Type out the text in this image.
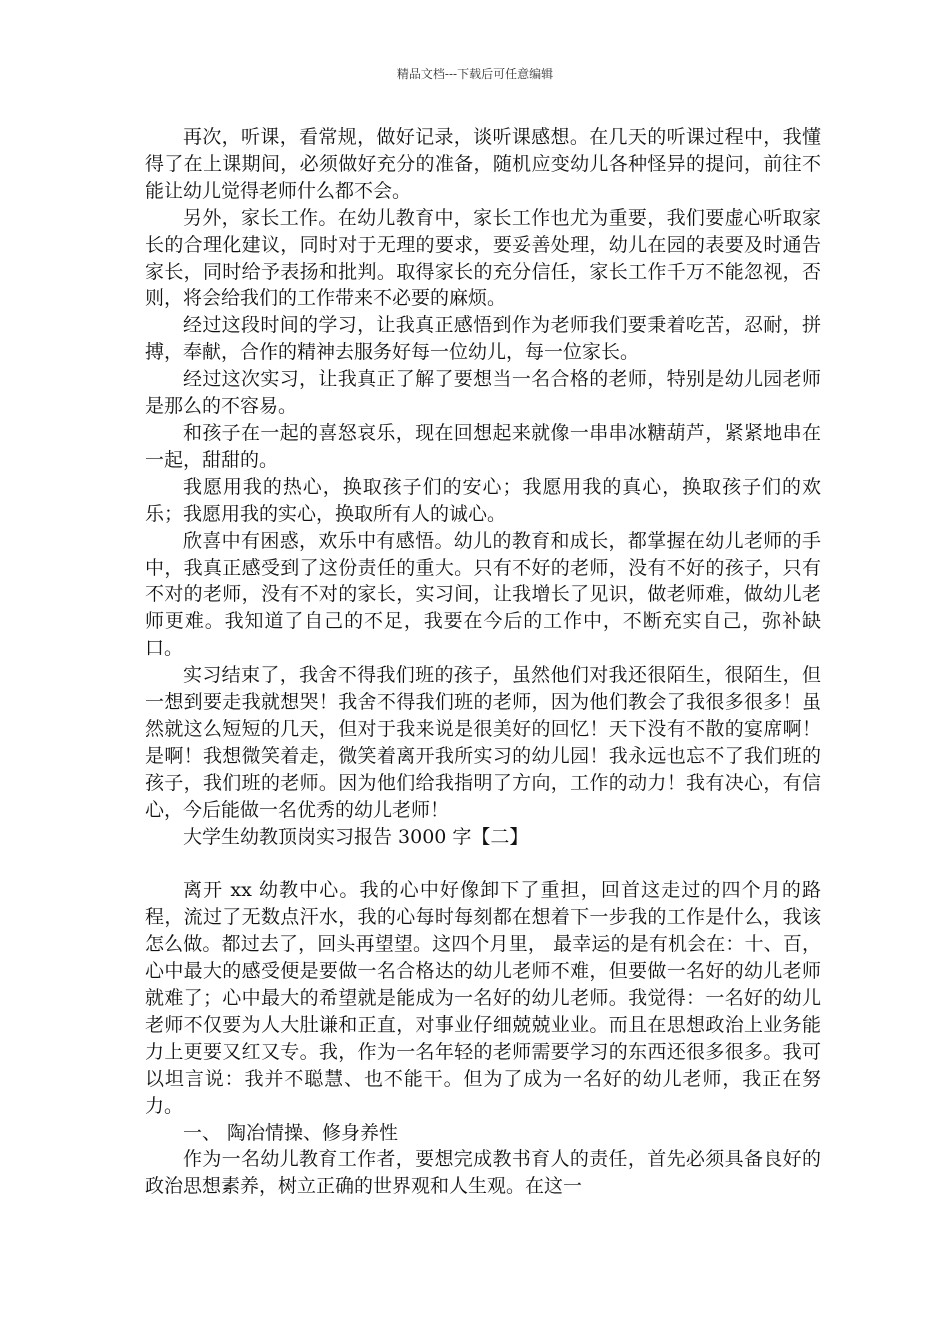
精品文档---下载后可任意编辑

再次，听课，看常规，做好记录，谈听课感想。在几天的听课过程中，我懂得了在上课期间，必须做好充分的准备，随机应变幼儿各种怪异的提问，前往不能让幼儿觉得老师什么都不会。

另外，家长工作。在幼儿教育中，家长工作也尤为重要，我们要虚心听取家长的合理化建议，同时对于无理的要求，要妥善处理，幼儿在园的表要及时通告家长，同时给予表扬和批判。取得家长的充分信任，家长工作千万不能忽视，否则，将会给我们的工作带来不必要的麻烦。

经过这段时间的学习，让我真正感悟到作为老师我们要秉着吃苦，忍耐，拼搏，奉献，合作的精神去服务好每一位幼儿，每一位家长。

经过这次实习，让我真正了解了要想当一名合格的老师，特别是幼儿园老师是那么的不容易。

和孩子在一起的喜怒哀乐，现在回想起来就像一串串冰糖葫芦，紧紧地串在一起，甜甜的。

我愿用我的热心，换取孩子们的安心；我愿用我的真心，换取孩子们的欢乐；我愿用我的实心，换取所有人的诚心。

欣喜中有困惑，欢乐中有感悟。幼儿的教育和成长，都掌握在幼儿老师的手中，我真正感受到了这份责任的重大。只有不好的老师，没有不好的孩子，只有不对的老师，没有不对的家长，实习间，让我增长了见识，做老师难，做幼儿老师更难。我知道了自己的不足，我要在今后的工作中，不断充实自己，弥补缺口。

实习结束了，我舍不得我们班的孩子，虽然他们对我还很陌生，很陌生，但一想到要走我就想哭！我舍不得我们班的老师，因为他们教会了我很多很多！虽然就这么短短的几天，但对于我来说是很美好的回忆！天下没有不散的宴席啊！是啊！我想微笑着走，微笑着离开我所实习的幼儿园！我永远也忘不了我们班的孩子，我们班的老师。因为他们给我指明了方向，工作的动力！我有决心，有信心，今后能做一名优秀的幼儿老师！

大学生幼教顶岗实习报告 3000 字【二】

离开 xx 幼教中心。我的心中好像卸下了重担，回首这走过的四个月的路程，流过了无数点汗水，我的心每时每刻都在想着下一步我的工作是什么，我该怎么做。都过去了，回头再望望。这四个月里， 最幸运的是有机会在：十、百，心中最大的感受便是要做一名合格达的幼儿老师不难，但要做一名好的幼儿老师就难了；心中最大的希望就是能成为一名好的幼儿老师。我觉得：一名好的幼儿老师不仅要为人大肚谦和正直，对事业仔细兢兢业业。而且在思想政治上业务能力上更要又红又专。我，作为一名年轻的老师需要学习的东西还很多很多。我可以坦言说：我并不聪慧、也不能干。但为了成为一名好的幼儿老师，我正在努力。

一、 陶冶情操、修身养性

作为一名幼儿教育工作者，要想完成教书育人的责任，首先必须具备良好的政治思想素养，树立正确的世界观和人生观。在这一
